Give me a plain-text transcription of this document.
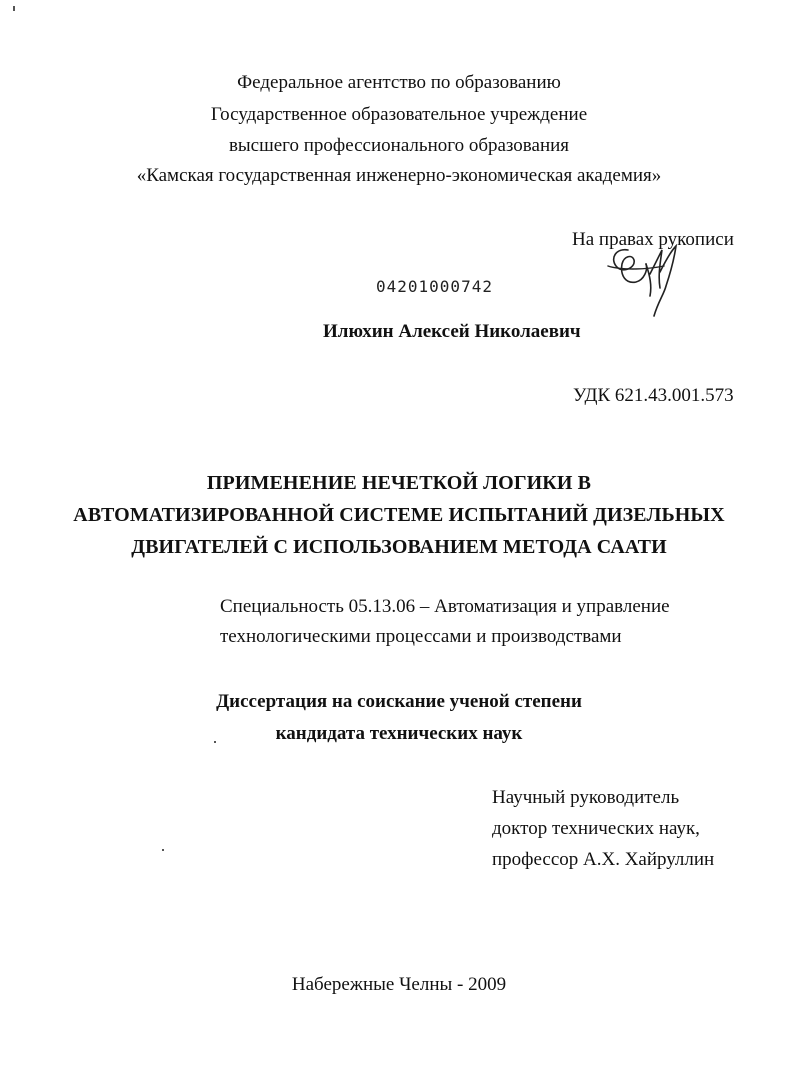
Федеральное агентство по образованию
Государственное образовательное учреждение
высшего профессионального образования
«Камская государственная инженерно-экономическая академия»
На правах рукописи
04201000742
Илюхин Алексей Николаевич
УДК 621.43.001.573
ПРИМЕНЕНИЕ НЕЧЕТКОЙ ЛОГИКИ В
АВТОМАТИЗИРОВАННОЙ СИСТЕМЕ ИСПЫТАНИЙ ДИЗЕЛЬНЫХ
ДВИГАТЕЛЕЙ С ИСПОЛЬЗОВАНИЕМ МЕТОДА СААТИ
Специальность 05.13.06 – Автоматизация и управление
технологическими процессами и производствами
Диссертация на соискание ученой степени
кандидата технических наук
Научный руководитель
доктор технических наук,
профессор А.Х. Хайруллин
Набережные Челны - 2009
